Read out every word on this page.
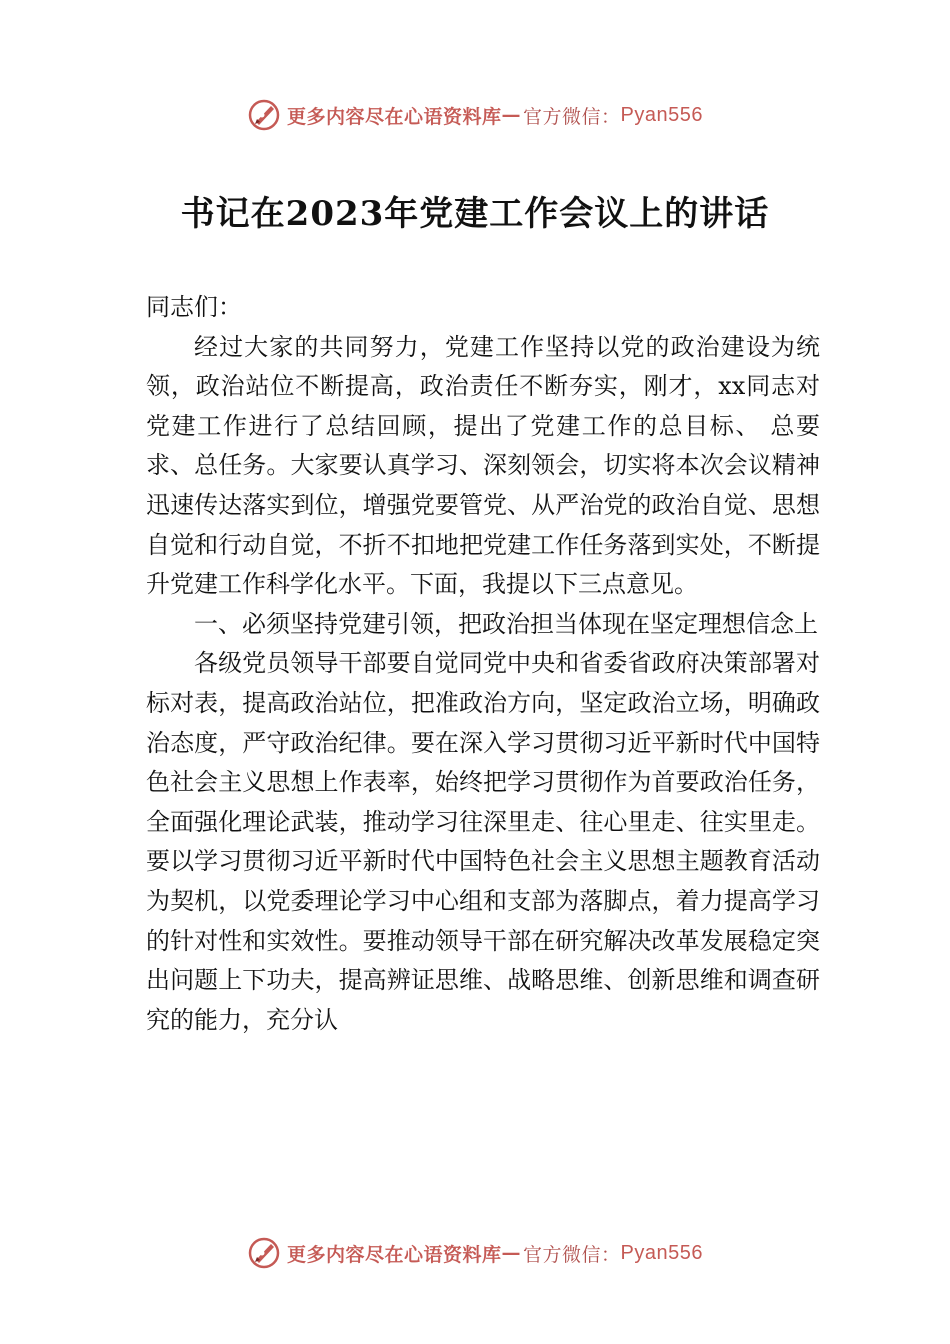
更多内容尽在心语资料库 — 官方微信： Pyan556
书记在2023年党建工作会议上的讲话

同志们：

经过大家的共同努力，党建工作坚持以党的政治建设为统领，政治站位不断提高，政治责任不断夯实，刚才，xx同志对党建工作进行了总结回顾，提出了党建工作的总目标、 总要求、总任务。大家要认真学习、深刻领会，切实将本次会议精神迅速传达落实到位，增强党要管党、从严治党的政治自觉、思想自觉和行动自觉，不折不扣地把党建工作任务落到实处，不断提升党建工作科学化水平。下面，我提以下三点意见。

一、必须坚持党建引领，把政治担当体现在坚定理想信念上

各级党员领导干部要自觉同党中央和省委省政府决策部署对标对表，提高政治站位，把准政治方向，坚定政治立场，明确政治态度，严守政治纪律。要在深入学习贯彻习近平新时代中国特色社会主义思想上作表率，始终把学习贯彻作为首要政治任务，全面强化理论武装，推动学习往深里走、往心里走、往实里走。要以学习贯彻习近平新时代中国特色社会主义思想主题教育活动为契机，以党委理论学习中心组和支部为落脚点，着力提高学习的针对性和实效性。要推动领导干部在研究解决改革发展稳定突出问题上下功夫，提高辨证思维、战略思维、创新思维和调查研究的能力，充分认

更多内容尽在心语资料库 — 官方微信： Pyan556
